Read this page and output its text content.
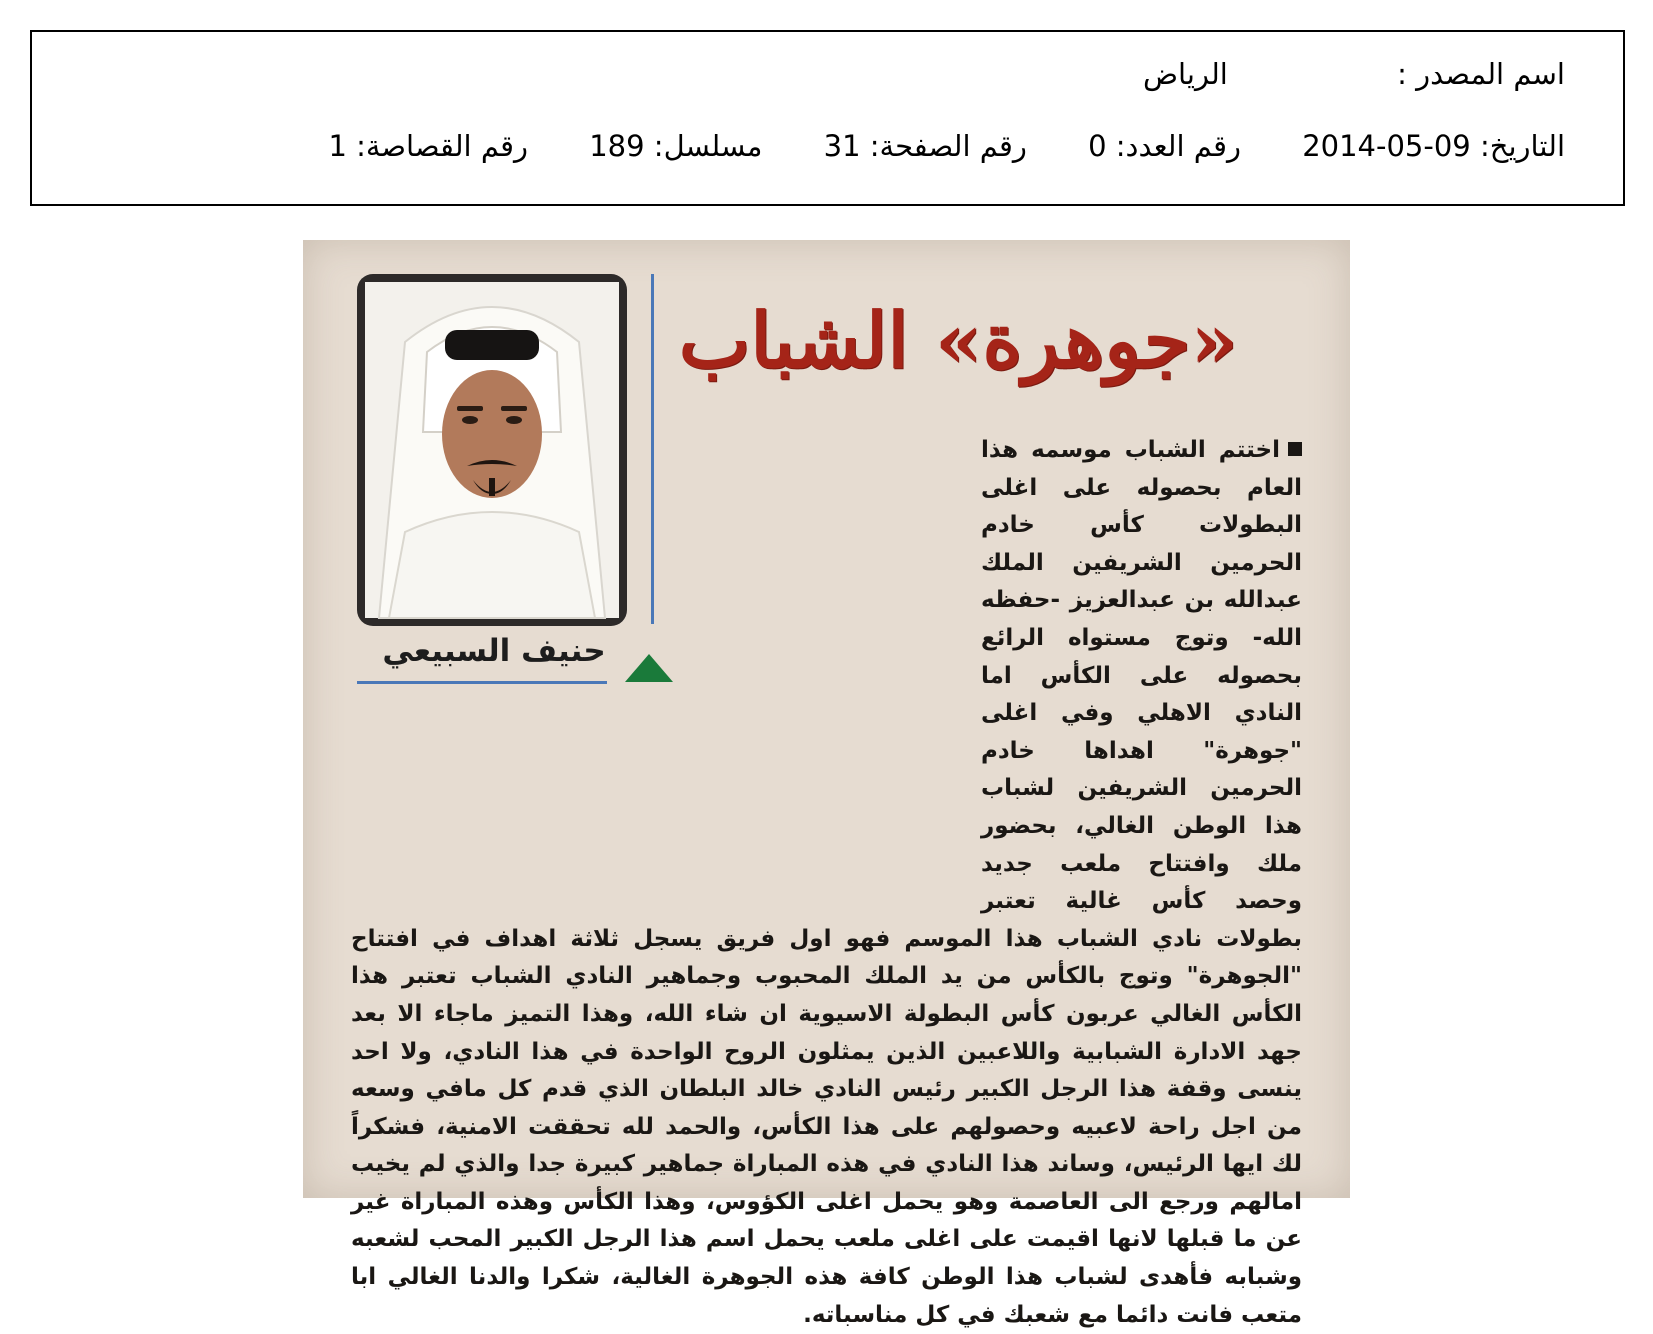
اسم المصدر : الرياض
التاريخ: 2014-05-09 رقم العدد: 0 رقم الصفحة: 31 مسلسل: 189 رقم القصاصة: 1
«جوهرة» الشباب
حنيف السبيعي
اختتم الشباب موسمه هذا العام بحصوله على اغلى البطولات كأس خادم الحرمين الشريفين الملك عبدالله بن عبدالعزيز -حفظه الله- وتوج مستواه الرائع بحصوله على الكأس اما النادي الاهلي وفي اغلى "جوهرة" اهداها خادم الحرمين الشريفين لشباب هذا الوطن الغالي، بحضور ملك وافتتاح ملعب جديد وحصد كأس غالية تعتبر بطولات نادي الشباب هذا الموسم فهو اول فريق يسجل ثلاثة اهداف في افتتاح "الجوهرة" وتوج بالكأس من يد الملك المحبوب وجماهير النادي الشباب تعتبر هذا الكأس الغالي عربون كأس البطولة الاسيوية ان شاء الله، وهذا التميز ماجاء الا بعد جهد الادارة الشبابية واللاعبين الذين يمثلون الروح الواحدة في هذا النادي، ولا احد ينسى وقفة هذا الرجل الكبير رئيس النادي خالد البلطان الذي قدم كل مافي وسعه من اجل راحة لاعبيه وحصولهم على هذا الكأس، والحمد لله تحققت الامنية، فشكراً لك ايها الرئيس، وساند هذا النادي في هذه المباراة جماهير كبيرة جدا والذي لم يخيب امالهم ورجع الى العاصمة وهو يحمل اغلى الكؤوس، وهذا الكأس وهذه المباراة غير عن ما قبلها لانها اقيمت على اغلى ملعب يحمل اسم هذا الرجل الكبير المحب لشعبه وشبابه فأهدى لشباب هذا الوطن كافة هذه الجوهرة الغالية، شكرا والدنا الغالي ابا متعب فانت دائما مع شعبك في كل مناسباته.
